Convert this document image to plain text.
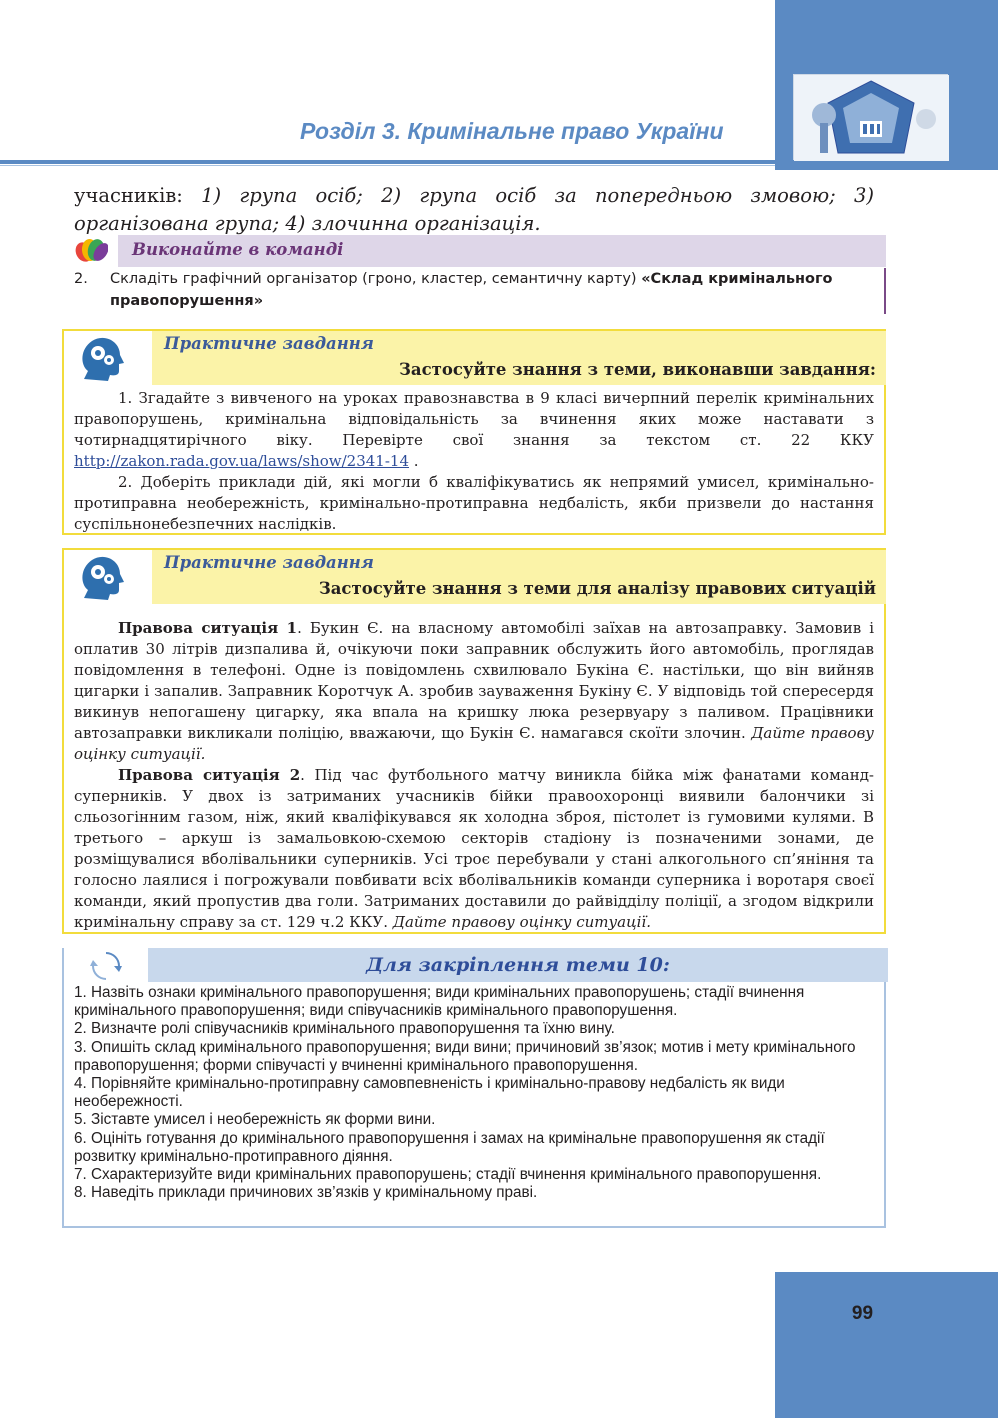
Розділ 3. Кримінальне право України
учасників: 1) група осіб; 2) група осіб за попередньою змовою; 3) організована група; 4) злочинна організація.
Виконайте в команді
2. Складіть графічний організатор (гроно, кластер, семантичну карту) «Склад кримінального правопорушення»
Практичне завдання
Застосуйте знання з теми, виконавши завдання:

1. Згадайте з вивченого на уроках правознавства в 9 класі вичерпний перелік кримінальних правопорушень, кримінальна відповідальність за вчинення яких може наставати з чотирнадцятирічного віку. Перевірте свої знання за текстом ст. 22 ККУ http://zakon.rada.gov.ua/laws/show/2341-14 .

2. Доберіть приклади дій, які могли б кваліфікуватись як непрямий умисел, кримінально-протиправна необережність, кримінально-протиправна недбалість, якби призвели до настання суспільнонебезпечних наслідків.

Практичне завдання
Застосуйте знання з теми для аналізу правових ситуацій

Правова ситуація 1. Букин Є. на власному автомобілі заїхав на автозаправку. Замовив і оплатив 30 літрів дизпалива й, очікуючи поки заправник обслужить його автомобіль, проглядав повідомлення в телефоні. Одне із повідомлень схвилювало Букіна Є. настільки, що він вийняв цигарки і запалив. Заправник Коротчук А. зробив зауваження Букіну Є. У відповідь той спересердя викинув непогашену цигарку, яка впала на кришку люка резервуару з паливом. Працівники автозаправки викликали поліцію, вважаючи, що Букін Є. намагався скоїти злочин. Дайте правову оцінку ситуації.

Правова ситуація 2. Під час футбольного матчу виникла бійка між фанатами команд-суперників. У двох із затриманих учасників бійки правоохоронці виявили балончики зі сльозогінним газом, ніж, який кваліфікувався як холодна зброя, пістолет із гумовими кулями. В третього – аркуш із замальовкою-схемою секторів стадіону із позначеними зонами, де розміщувалися вболівальники суперників. Усі троє перебували у стані алкогольного сп’яніння та голосно лаялися і погрожували повбивати всіх вболівальників команди суперника і воротаря своєї команди, який пропустив два голи. Затриманих доставили до райвідділу поліції, а згодом відкрили кримінальну справу за ст. 129 ч.2 ККУ. Дайте правову оцінку ситуації.

Для закріплення теми 10:
1. Назвіть ознаки кримінального правопорушення; види кримінальних правопорушень; стадії вчинення кримінального правопорушення; види співучасників кримінального правопорушення.
2. Визначте ролі співучасників кримінального правопорушення та їхню вину.
3. Опишіть склад кримінального правопорушення; види вини; причиновий зв’язок; мотив і мету кримінального правопорушення; форми співучасті у вчиненні кримінального правопорушення.
4. Порівняйте кримінально-протиправну самовпевненість і кримінально-правову недбалість як види необережності.
5. Зіставте умисел і необережність як форми вини.
6. Оцініть готування до кримінального правопорушення і замах на кримінальне правопорушення як стадії розвитку кримінально-протиправного діяння.
7. Схарактеризуйте види кримінальних правопорушень; стадії вчинення кримінального правопорушення.
8. Наведіть приклади причинових зв’язків у кримінальному праві.
99
